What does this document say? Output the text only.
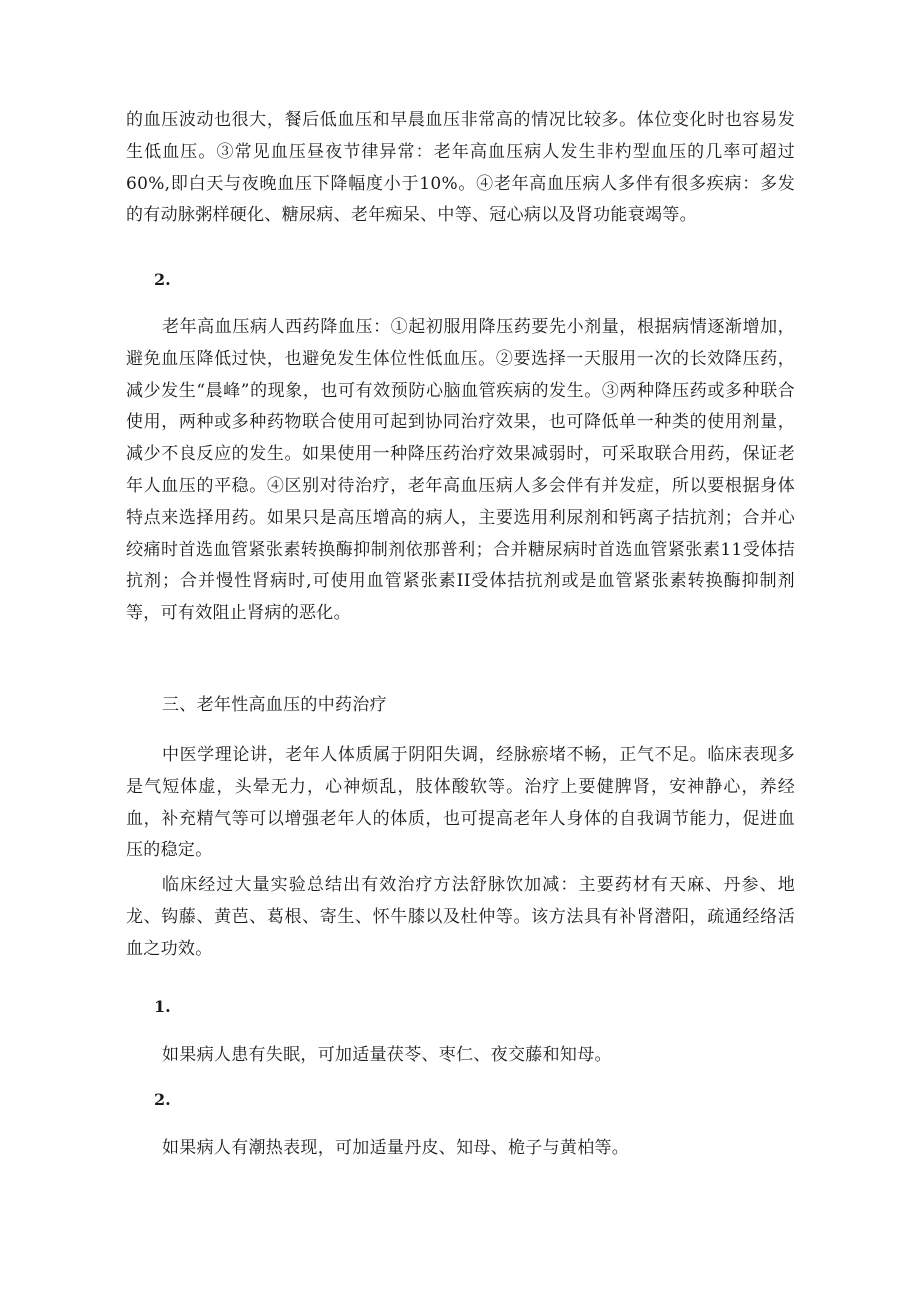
的血压波动也很大，餐后低血压和早晨血压非常高的情况比较多。体位变化时也容易发生低血压。③常见血压昼夜节律异常：老年高血压病人发生非杓型血压的几率可超过60%,即白天与夜晚血压下降幅度小于10%。④老年高血压病人多伴有很多疾病：多发的有动脉粥样硬化、糖尿病、老年痴呆、中等、冠心病以及肾功能衰竭等。

2.

老年高血压病人西药降血压：①起初服用降压药要先小剂量，根据病情逐渐增加，避免血压降低过快，也避免发生体位性低血压。②要选择一天服用一次的长效降压药，减少发生“晨峰”的现象，也可有效预防心脑血管疾病的发生。③两种降压药或多种联合使用，两种或多种药物联合使用可起到协同治疗效果，也可降低单一种类的使用剂量，减少不良反应的发生。如果使用一种降压药治疗效果减弱时，可采取联合用药，保证老年人血压的平稳。④区别对待治疗，老年高血压病人多会伴有并发症，所以要根据身体特点来选择用药。如果只是高压增高的病人，主要选用利尿剂和钙离子拮抗剂；合并心绞痛时首选血管紧张素转换酶抑制剂依那普利；合并糖尿病时首选血管紧张素11受体拮抗剂；合并慢性肾病时,可使用血管紧张素II受体拮抗剂或是血管紧张素转换酶抑制剂等，可有效阻止肾病的恶化。

三、老年性高血压的中药治疗

中医学理论讲，老年人体质属于阴阳失调，经脉瘀堵不畅，正气不足。临床表现多是气短体虚，头晕无力，心神烦乱，肢体酸软等。治疗上要健脾肾，安神静心，养经血，补充精气等可以增强老年人的体质，也可提高老年人身体的自我调节能力，促进血压的稳定。

临床经过大量实验总结出有效治疗方法舒脉饮加减：主要药材有天麻、丹参、地龙、钩藤、黄芭、葛根、寄生、怀牛膝以及杜仲等。该方法具有补肾潜阳，疏通经络活血之功效。

1.

如果病人患有失眠，可加适量茯苓、枣仁、夜交藤和知母。

2.

如果病人有潮热表现，可加适量丹皮、知母、桅子与黄柏等。
